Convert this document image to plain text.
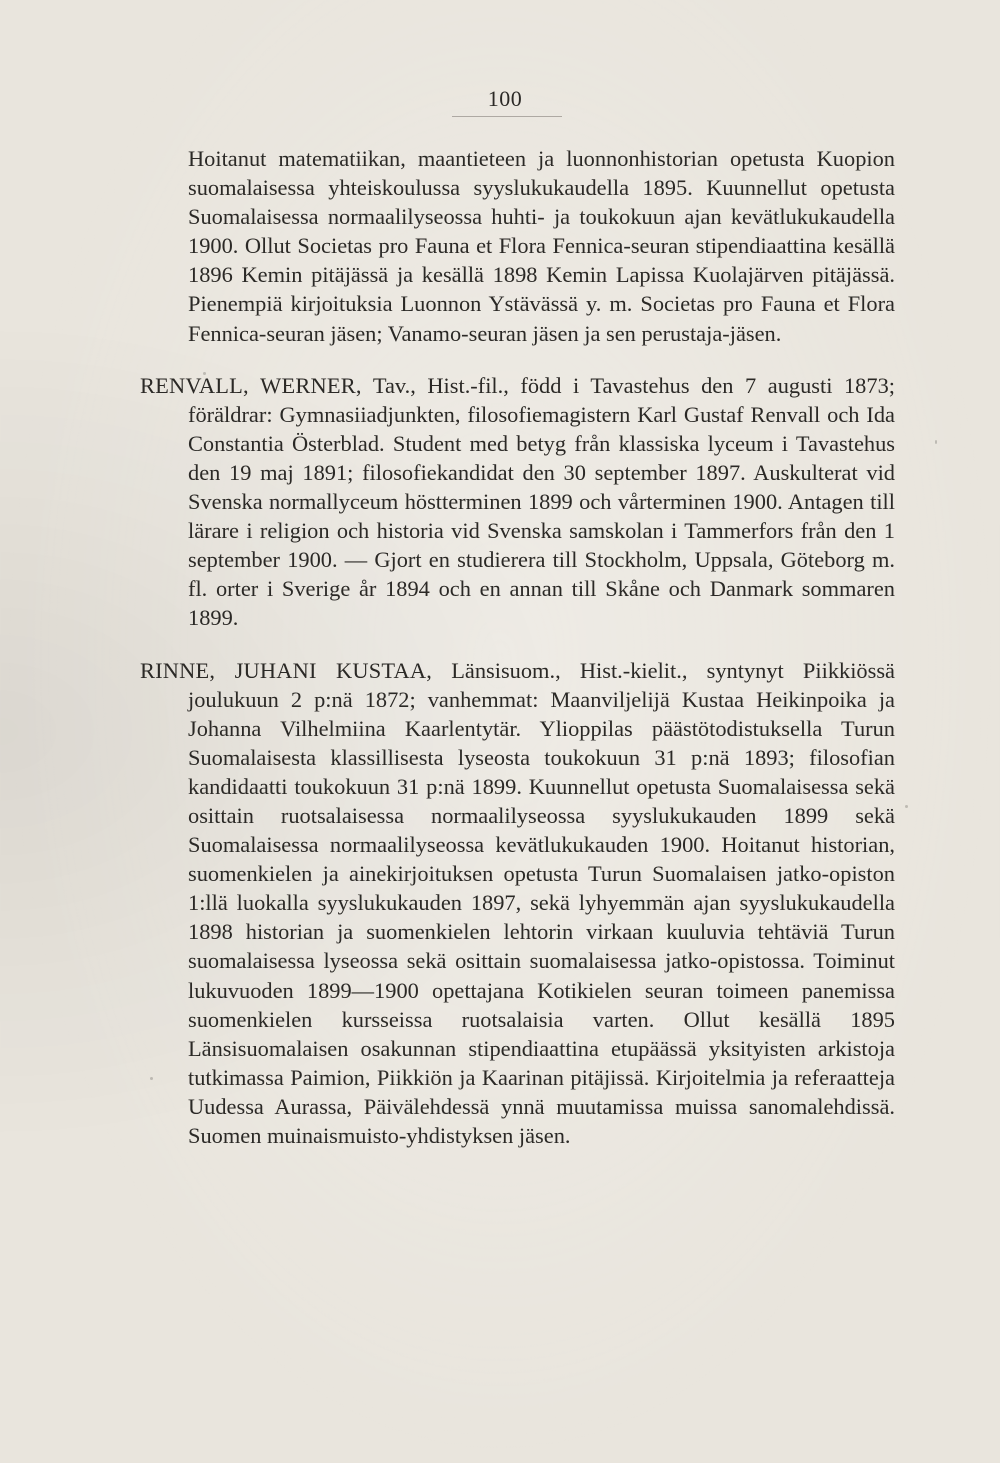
100

Hoitanut matematiikan, maantieteen ja luonnonhistorian opetusta Kuopion suomalaisessa yhteiskoulussa syyslukukaudella 1895. Kuunnellut opetusta Suomalaisessa normaalilyseossa huhti- ja toukokuun ajan kevätlukukaudella 1900. Ollut Societas pro Fauna et Flora Fennica-seuran stipendiaattina kesällä 1896 Kemin pitäjässä ja kesällä 1898 Kemin Lapissa Kuolajärven pitäjässä. Pienempiä kirjoituksia Luonnon Ystävässä y. m. Societas pro Fauna et Flora Fennica-seuran jäsen; Vanamo-seuran jäsen ja sen perustaja-jäsen.

RENVALL, WERNER, Tav., Hist.-fil., född i Tavastehus den 7 augusti 1873; föräldrar: Gymnasiiadjunkten, filosofiemagistern Karl Gustaf Renvall och Ida Constantia Österblad. Student med betyg från klassiska lyceum i Tavastehus den 19 maj 1891; filosofiekandidat den 30 september 1897. Auskulterat vid Svenska normallyceum höstterminen 1899 och vårterminen 1900. Antagen till lärare i religion och historia vid Svenska samskolan i Tammerfors från den 1 september 1900. — Gjort en studierera till Stockholm, Uppsala, Göteborg m. fl. orter i Sverige år 1894 och en annan till Skåne och Danmark sommaren 1899.

RINNE, JUHANI KUSTAA, Länsisuom., Hist.-kielit., syntynyt Piikkiössä joulukuun 2 p:nä 1872; vanhemmat: Maanviljelijä Kustaa Heikinpoika ja Johanna Vilhelmiina Kaarlentytär. Ylioppilas päästötodistuksella Turun Suomalaisesta klassillisesta lyseosta toukokuun 31 p:nä 1893; filosofian kandidaatti toukokuun 31 p:nä 1899. Kuunnellut opetusta Suomalaisessa sekä osittain ruotsalaisessa normaalilyseossa syyslukukauden 1899 sekä Suomalaisessa normaalilyseossa kevätlukukauden 1900. Hoitanut historian, suomenkielen ja ainekirjoituksen opetusta Turun Suomalaisen jatko-opiston 1:llä luokalla syyslukukauden 1897, sekä lyhyemmän ajan syyslukukaudella 1898 historian ja suomenkielen lehtorin virkaan kuuluvia tehtäviä Turun suomalaisessa lyseossa sekä osittain suomalaisessa jatko-opistossa. Toiminut lukuvuoden 1899—1900 opettajana Kotikielen seuran toimeen panemissa suomenkielen kursseissa ruotsalaisia varten. Ollut kesällä 1895 Länsisuomalaisen osakunnan stipendiaattina etupäässä yksityisten arkistoja tutkimassa Paimion, Piikkiön ja Kaarinan pitäjissä. Kirjoitelmia ja referaatteja Uudessa Aurassa, Päivälehdessä ynnä muutamissa muissa sanomalehdissä. Suomen muinaismuisto-yhdistyksen jäsen.
